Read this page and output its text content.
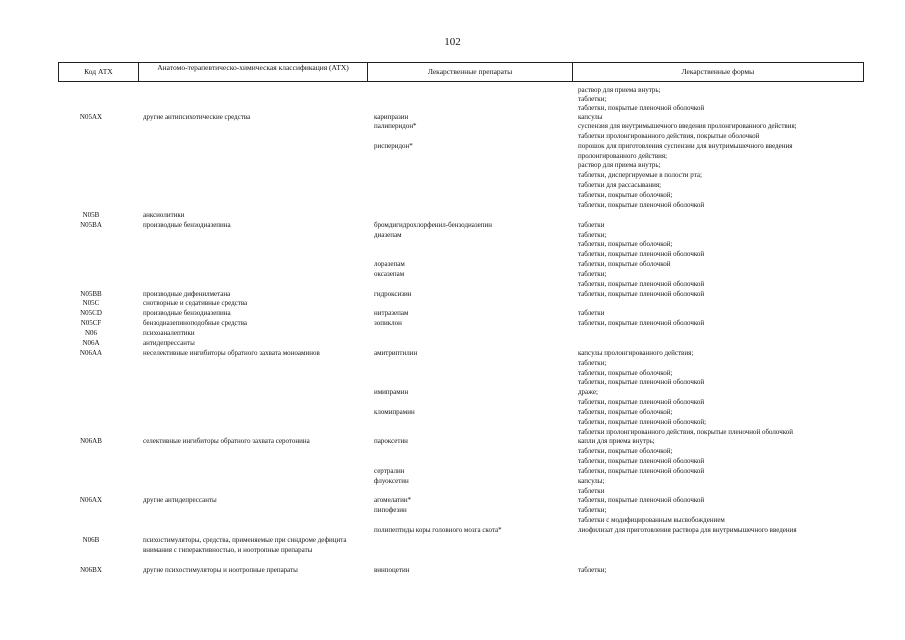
102
Код АТХ	Анатомо-терапевтическо-химическая классификация (АТХ)	Лекарственные препараты	Лекарственные формы
раствор для приема внутрь;
таблетки;
таблетки, покрытые пленочной оболочкой
N05AX	другие антипсихотические средства	карипразин	капсулы
палиперидон*	суспензия для внутримышечного введения пролонгированного действия;
таблетки пролонгированного действия, покрытые оболочкой
рисперидон*	порошок для приготовления суспензии для внутримышечного введения
пролонгированного действия;
раствор для приема внутрь;
таблетки, диспергируемые в полости рта;
таблетки для рассасывания;
таблетки, покрытые оболочкой;
таблетки, покрытые пленочной оболочкой
N05B	анксиолитики
N05BA	производные бензодиазепина	бромдигидрохлорфенил-бензодиазепин	таблетки
диазепам	таблетки;
таблетки, покрытые оболочкой;
таблетки, покрытые пленочной оболочкой
лоразепам	таблетки, покрытые оболочкой
оксазепам	таблетки;
таблетки, покрытые пленочной оболочкой
N05BB	производные дифенилметана	гидроксизин	таблетки, покрытые пленочной оболочкой
N05C	снотворные и седативные средства
N05CD	производные бензодиазепина	нитразепам	таблетки
N05CF	бензодиазепиноподобные средства	зопиклон	таблетки, покрытые пленочной оболочкой
N06	психоаналептики
N06A	антидепрессанты
N06AA	неселективные ингибиторы обратного захвата моноаминов	амитриптилин	капсулы пролонгированного действия;
таблетки;
таблетки, покрытые оболочкой;
таблетки, покрытые пленочной оболочкой
имипрамин	драже;
таблетки, покрытые пленочной оболочкой
кломипрамин	таблетки, покрытые оболочкой;
таблетки, покрытые пленочной оболочкой;
таблетки пролонгированного действия, покрытые пленочной оболочкой
N06AB	селективные ингибиторы обратного захвата серотонина	пароксетин	капли для приема внутрь;
таблетки, покрытые оболочкой;
таблетки, покрытые пленочной оболочкой
сертралин	таблетки, покрытые пленочной оболочкой
флуоксетин	капсулы;
таблетки
N06AX	другие антидепрессанты	агомелатин*	таблетки, покрытые пленочной оболочкой
пипофезин	таблетки;
таблетки с модифицированным высвобождением
полипептиды коры головного мозга скота*	лиофилизат для приготовления раствора для внутримышечного введения
N06B	психостимуляторы, средства, применяемые при синдроме дефицита внимания с гиперактивностью, и ноотропные препараты
N06BX	другие психостимуляторы и ноотропные препараты	винпоцетин	таблетки;
